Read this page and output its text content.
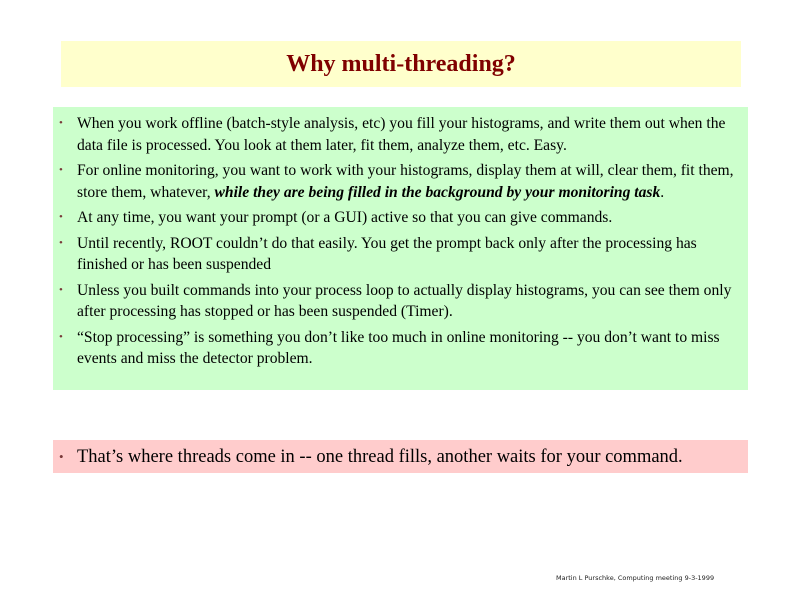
Why multi-threading?
• When you work offline (batch-style analysis, etc) you fill your histograms, and write them out when the data file is processed. You look at them later, fit them, analyze them, etc. Easy.
• For online monitoring, you want to work with your histograms, display them at will, clear them, fit them, store them, whatever, while they are being filled in the background by your monitoring task.
• At any time, you want your prompt (or a GUI) active so that you can give commands.
• Until recently, ROOT couldn’t do that easily. You get the prompt back only after the processing has finished or has been suspended
• Unless you built commands into your process loop to actually display histograms, you can see them only after processing has stopped or has been suspended (Timer).
• “Stop processing” is something you don’t like too much in online monitoring -- you don’t want to miss events and miss the detector problem.
• That’s where threads come in -- one thread fills, another waits for your command.
Martin L Purschke, Computing meeting 9-3-1999
